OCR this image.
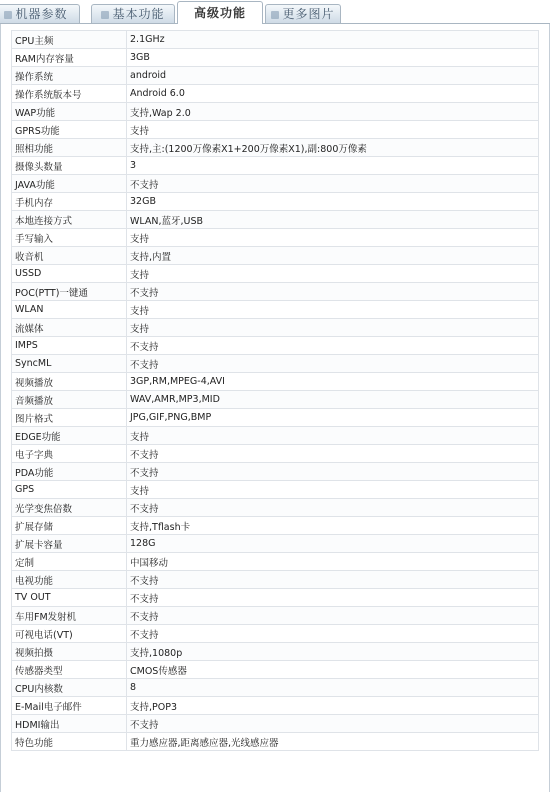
机器参数	基本功能	高级功能	更多图片
CPU主频	2.1GHz
RAM内存容量	3GB
操作系统	android
操作系统版本号	Android 6.0
WAP功能	支持,Wap 2.0
GPRS功能	支持
照相功能	支持,主:(1200万像素X1+200万像素X1),副:800万像素
摄像头数量	3
JAVA功能	不支持
手机内存	32GB
本地连接方式	WLAN,蓝牙,USB
手写输入	支持
收音机	支持,内置
USSD	支持
POC(PTT)一键通	不支持
WLAN	支持
流媒体	支持
IMPS	不支持
SyncML	不支持
视频播放	3GP,RM,MPEG-4,AVI
音频播放	WAV,AMR,MP3,MID
图片格式	JPG,GIF,PNG,BMP
EDGE功能	支持
电子字典	不支持
PDA功能	不支持
GPS	支持
光学变焦倍数	不支持
扩展存储	支持,Tflash卡
扩展卡容量	128G
定制	中国移动
电视功能	不支持
TV OUT	不支持
车用FM发射机	不支持
可视电话(VT)	不支持
视频拍摄	支持,1080p
传感器类型	CMOS传感器
CPU内核数	8
E-Mail电子邮件	支持,POP3
HDMI输出	不支持
特色功能	重力感应器,距离感应器,光线感应器
